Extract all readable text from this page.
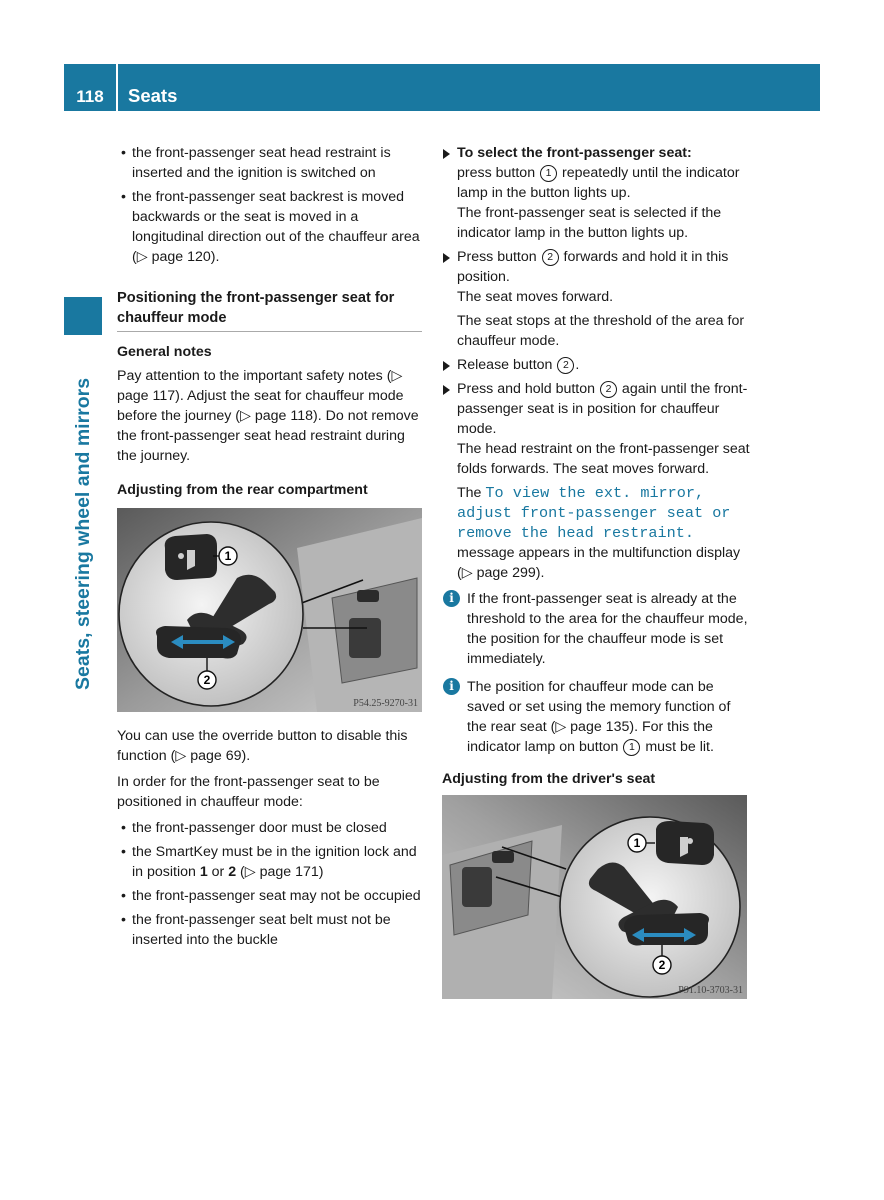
118	Seats
Seats, steering wheel and mirrors

• the front-passenger seat head restraint is inserted and the ignition is switched on

• the front-passenger seat backrest is moved backwards or the seat is moved in a longitudinal direction out of the chauffeur area (▷ page 120).

Positioning the front-passenger seat for chauffeur mode

General notes

Pay attention to the important safety notes (▷ page 117). Adjust the seat for chauffeur mode before the journey (▷ page 118). Do not remove the front-passenger seat head restraint during the journey.

Adjusting from the rear compartment

1
2
P54.25-9270-31

You can use the override button to disable this function (▷ page 69).

In order for the front-passenger seat to be positioned in chauffeur mode:

• the front-passenger door must be closed

• the SmartKey must be in the ignition lock and in position 1 or 2 (▷ page 171)

• the front-passenger seat may not be occupied

• the front-passenger seat belt must not be inserted into the buckle

To select the front-passenger seat:
press button 1 repeatedly until the indicator lamp in the button lights up.
The front-passenger seat is selected if the indicator lamp in the button lights up.
Press button 2 forwards and hold it in this position.
The seat moves forward.

The seat stops at the threshold of the area for chauffeur mode.

Release button 2 .
Press and hold button 2 again until the front-passenger seat is in position for chauffeur mode.
The head restraint on the front-passenger seat folds forwards. The seat moves forward.

The To view the ext. mirror, adjust front-passenger seat or remove the head restraint. message appears in the multifunction display (▷ page 299).

i If the front-passenger seat is already at the threshold to the area for the chauffeur mode, the position for the chauffeur mode is set immediately.
i The position for chauffeur mode can be saved or set using the memory function of the rear seat (▷ page 135). For this the indicator lamp on button 1 must be lit.

Adjusting from the driver's seat

1
2
P91.10-3703-31
